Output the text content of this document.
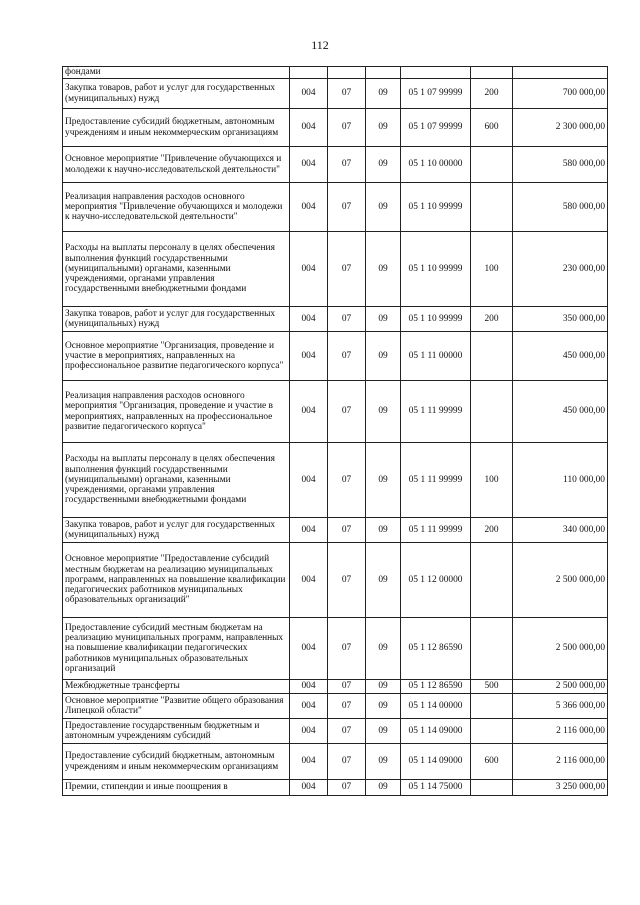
112
фондами						
Закупка товаров, работ и услуг для государственных (муниципальных) нужд	004	07	09	05 1 07 99999	200	700 000,00
Предоставление субсидий бюджетным, автономным учреждениям и иным некоммерческим организациям	004	07	09	05 1 07 99999	600	2 300 000,00
Основное мероприятие "Привлечение обучающихся и молодежи к научно-исследовательской деятельности"	004	07	09	05 1 10 00000		580 000,00
Реализация направления расходов основного мероприятия "Привлечение обучающихся и молодежи к научно-исследовательской деятельности"	004	07	09	05 1 10 99999		580 000,00
Расходы на выплаты персоналу в целях обеспечения выполнения функций государственными (муниципальными) органами, казенными учреждениями, органами управления государственными внебюджетными фондами	004	07	09	05 1 10 99999	100	230 000,00
Закупка товаров, работ и услуг для государственных (муниципальных) нужд	004	07	09	05 1 10 99999	200	350 000,00
Основное мероприятие "Организация, проведение и участие в мероприятиях, направленных на профессиональное развитие педагогического корпуса"	004	07	09	05 1 11 00000		450 000,00
Реализация направления расходов основного мероприятия "Организация, проведение и участие в мероприятиях, направленных на профессиональное развитие педагогического корпуса"	004	07	09	05 1 11 99999		450 000,00
Расходы на выплаты персоналу в целях обеспечения выполнения функций государственными (муниципальными) органами, казенными учреждениями, органами управления государственными внебюджетными фондами	004	07	09	05 1 11 99999	100	110 000,00
Закупка товаров, работ и услуг для государственных (муниципальных) нужд	004	07	09	05 1 11 99999	200	340 000,00
Основное мероприятие "Предоставление субсидий местным бюджетам на реализацию муниципальных программ, направленных на повышение квалификации педагогических работников муниципальных образовательных организаций"	004	07	09	05 1 12 00000		2 500 000,00
Предоставление субсидий местным бюджетам на реализацию муниципальных программ, направленных на повышение квалификации педагогических работников муниципальных образовательных организаций	004	07	09	05 1 12 86590		2 500 000,00
Межбюджетные трансферты	004	07	09	05 1 12 86590	500	2 500 000,00
Основное мероприятие "Развитие общего образования Липецкой области"	004	07	09	05 1 14 00000		5 366 000,00
Предоставление государственным бюджетным и автономным учреждениям субсидий	004	07	09	05 1 14 09000		2 116 000,00
Предоставление субсидий бюджетным, автономным учреждениям и иным некоммерческим организациям	004	07	09	05 1 14 09000	600	2 116 000,00
Премии, стипендии и иные поощрения в	004	07	09	05 1 14 75000		3 250 000,00
